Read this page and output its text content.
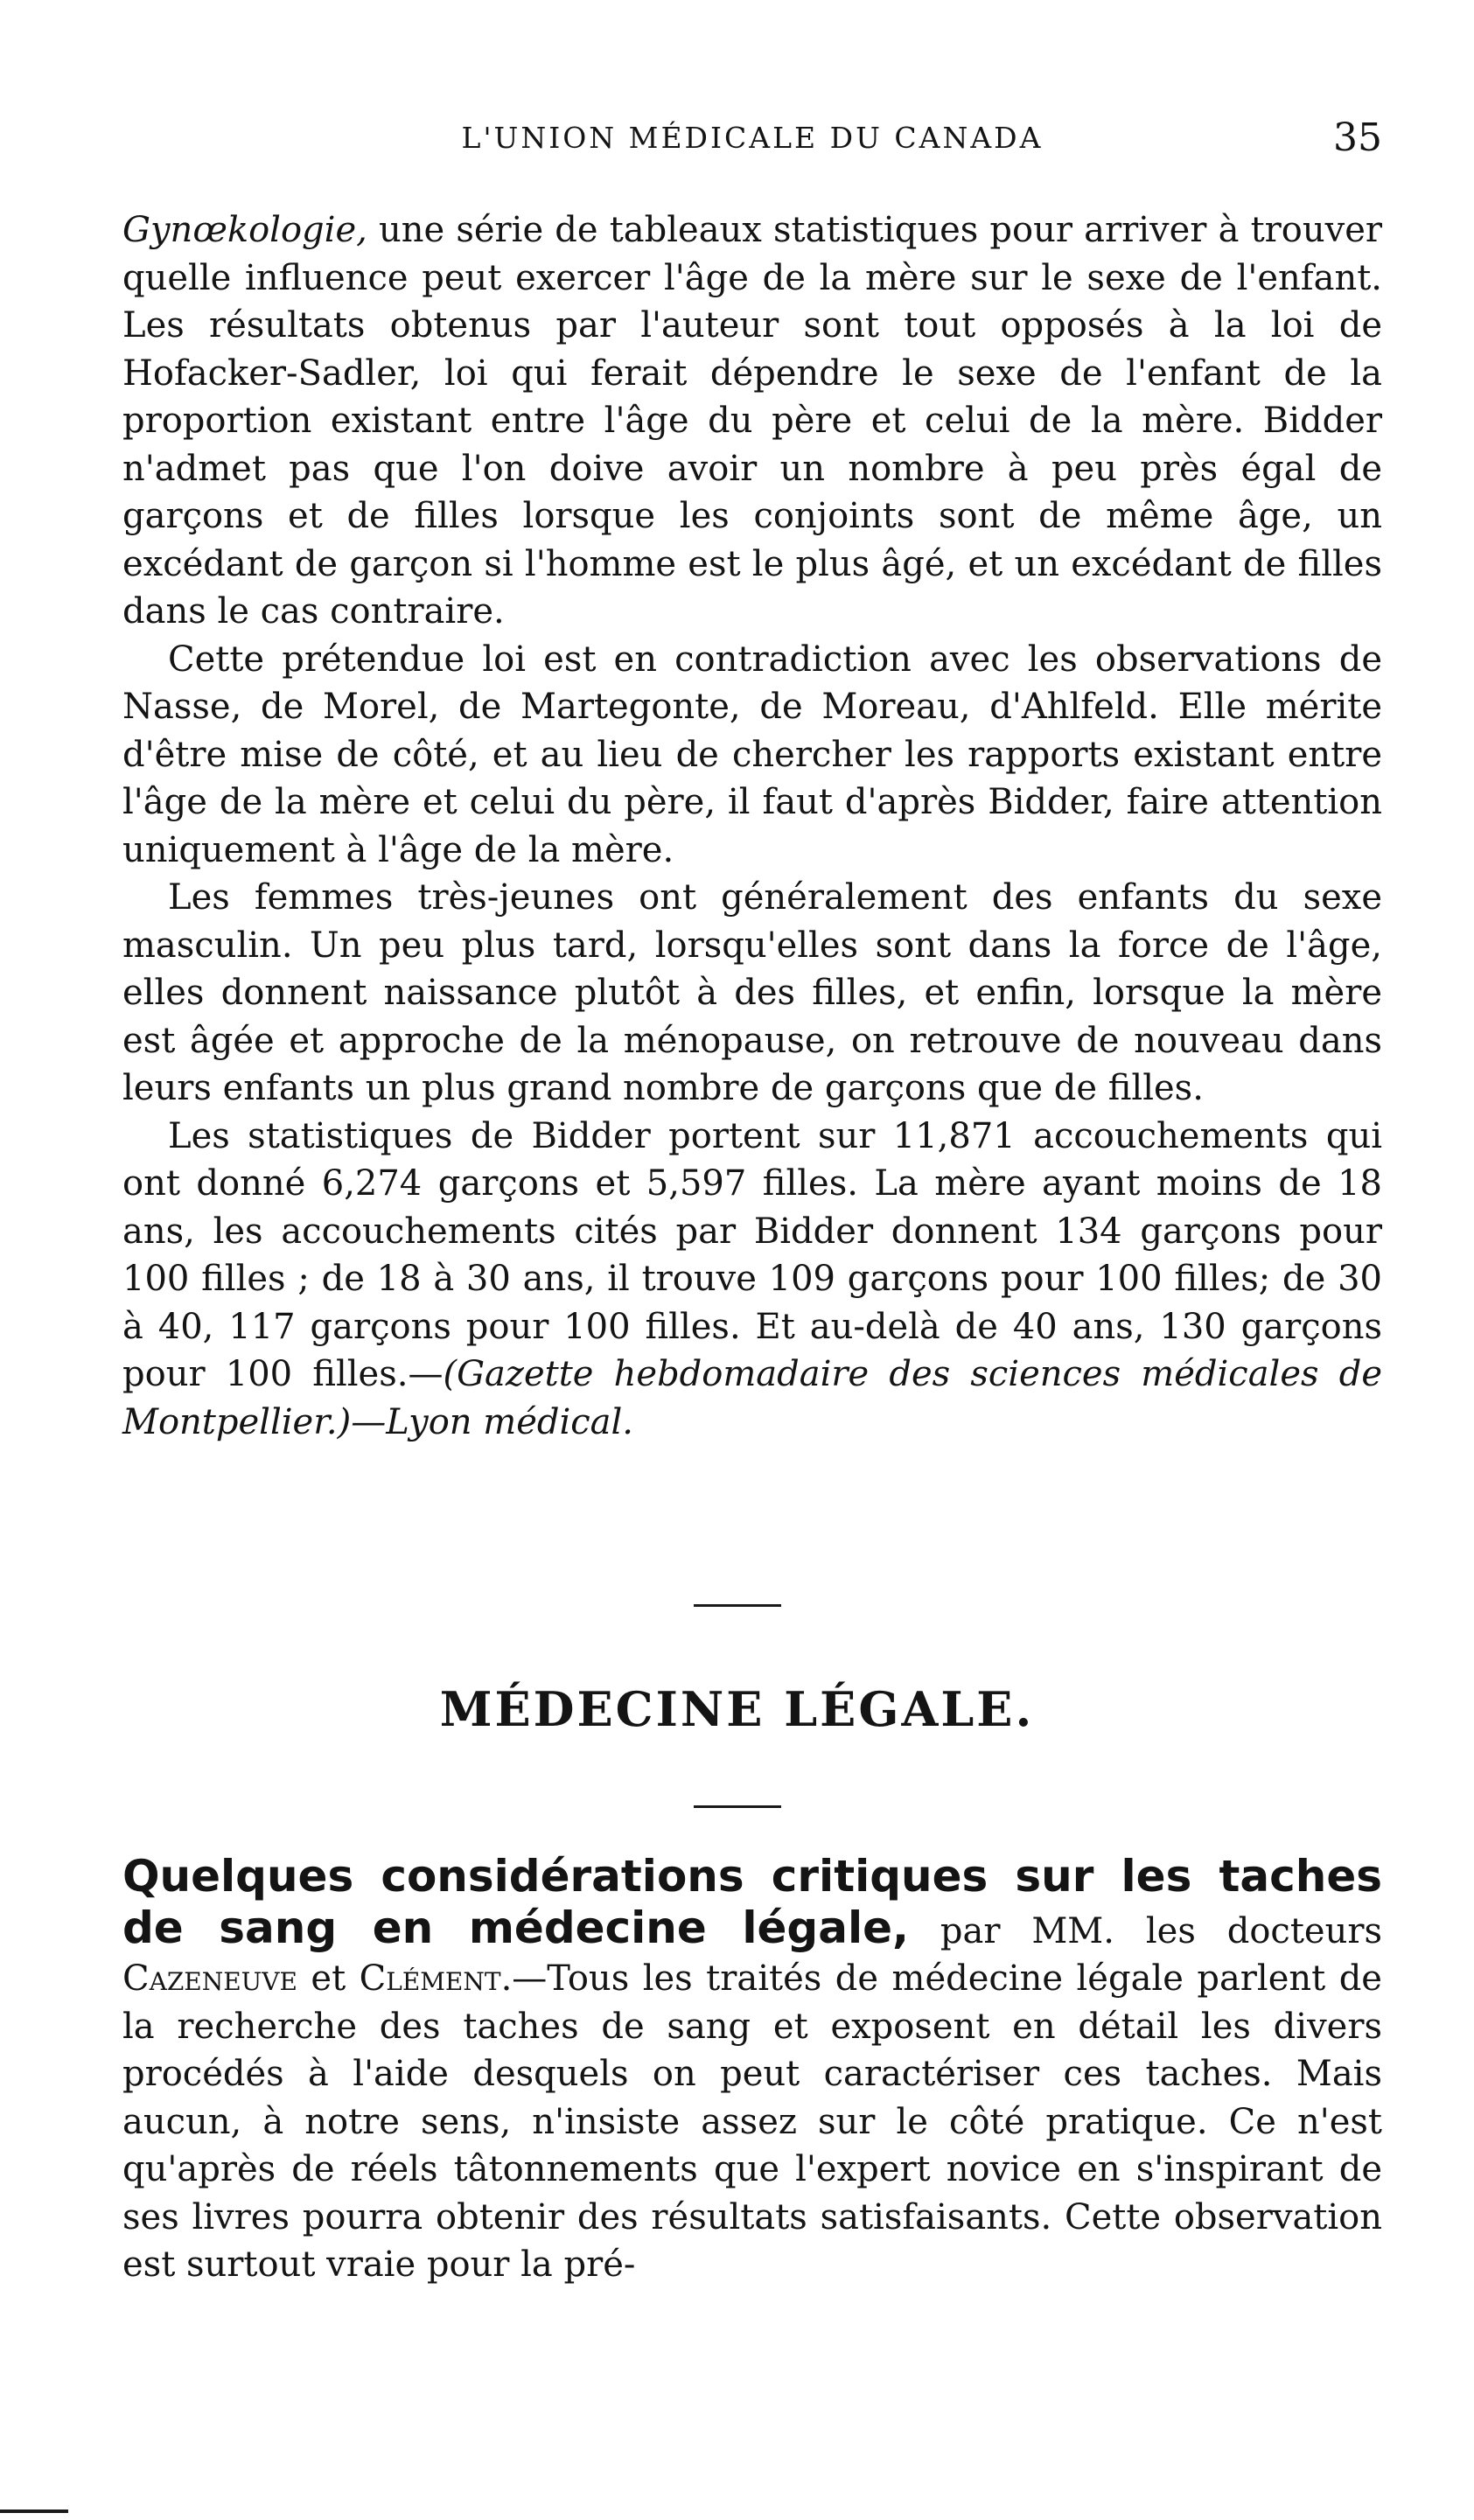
L'UNION MÉDICALE DU CANADA	35

Gynœkologie, une série de tableaux statistiques pour arriver à trouver quelle influence peut exercer l'âge de la mère sur le sexe de l'enfant. Les résultats obtenus par l'auteur sont tout opposés à la loi de Hofacker-Sadler, loi qui ferait dépendre le sexe de l'enfant de la proportion existant entre l'âge du père et celui de la mère. Bidder n'admet pas que l'on doive avoir un nombre à peu près égal de garçons et de filles lorsque les conjoints sont de même âge, un excédant de garçon si l'homme est le plus âgé, et un excédant de filles dans le cas contraire.

Cette prétendue loi est en contradiction avec les observations de Nasse, de Morel, de Martegonte, de Moreau, d'Ahlfeld. Elle mérite d'être mise de côté, et au lieu de chercher les rapports existant entre l'âge de la mère et celui du père, il faut d'après Bidder, faire attention uniquement à l'âge de la mère.

Les femmes très-jeunes ont généralement des enfants du sexe masculin. Un peu plus tard, lorsqu'elles sont dans la force de l'âge, elles donnent naissance plutôt à des filles, et enfin, lorsque la mère est âgée et approche de la ménopause, on retrouve de nouveau dans leurs enfants un plus grand nombre de garçons que de filles.

Les statistiques de Bidder portent sur 11,871 accouchements qui ont donné 6,274 garçons et 5,597 filles. La mère ayant moins de 18 ans, les accouchements cités par Bidder donnent 134 garçons pour 100 filles ; de 18 à 30 ans, il trouve 109 garçons pour 100 filles; de 30 à 40, 117 garçons pour 100 filles. Et au-delà de 40 ans, 130 garçons pour 100 filles.—(Gazette hebdomadaire des sciences médicales de Montpellier.)—Lyon médical.

MÉDECINE LÉGALE.

Quelques considérations critiques sur les taches de sang en médecine légale, par MM. les docteurs Cazeneuve et Clément.—Tous les traités de médecine légale parlent de la recherche des taches de sang et exposent en détail les divers procédés à l'aide desquels on peut caractériser ces taches. Mais aucun, à notre sens, n'insiste assez sur le côté pratique. Ce n'est qu'après de réels tâtonnements que l'expert novice en s'inspirant de ses livres pourra obtenir des résultats satisfaisants. Cette observation est surtout vraie pour la pré-
